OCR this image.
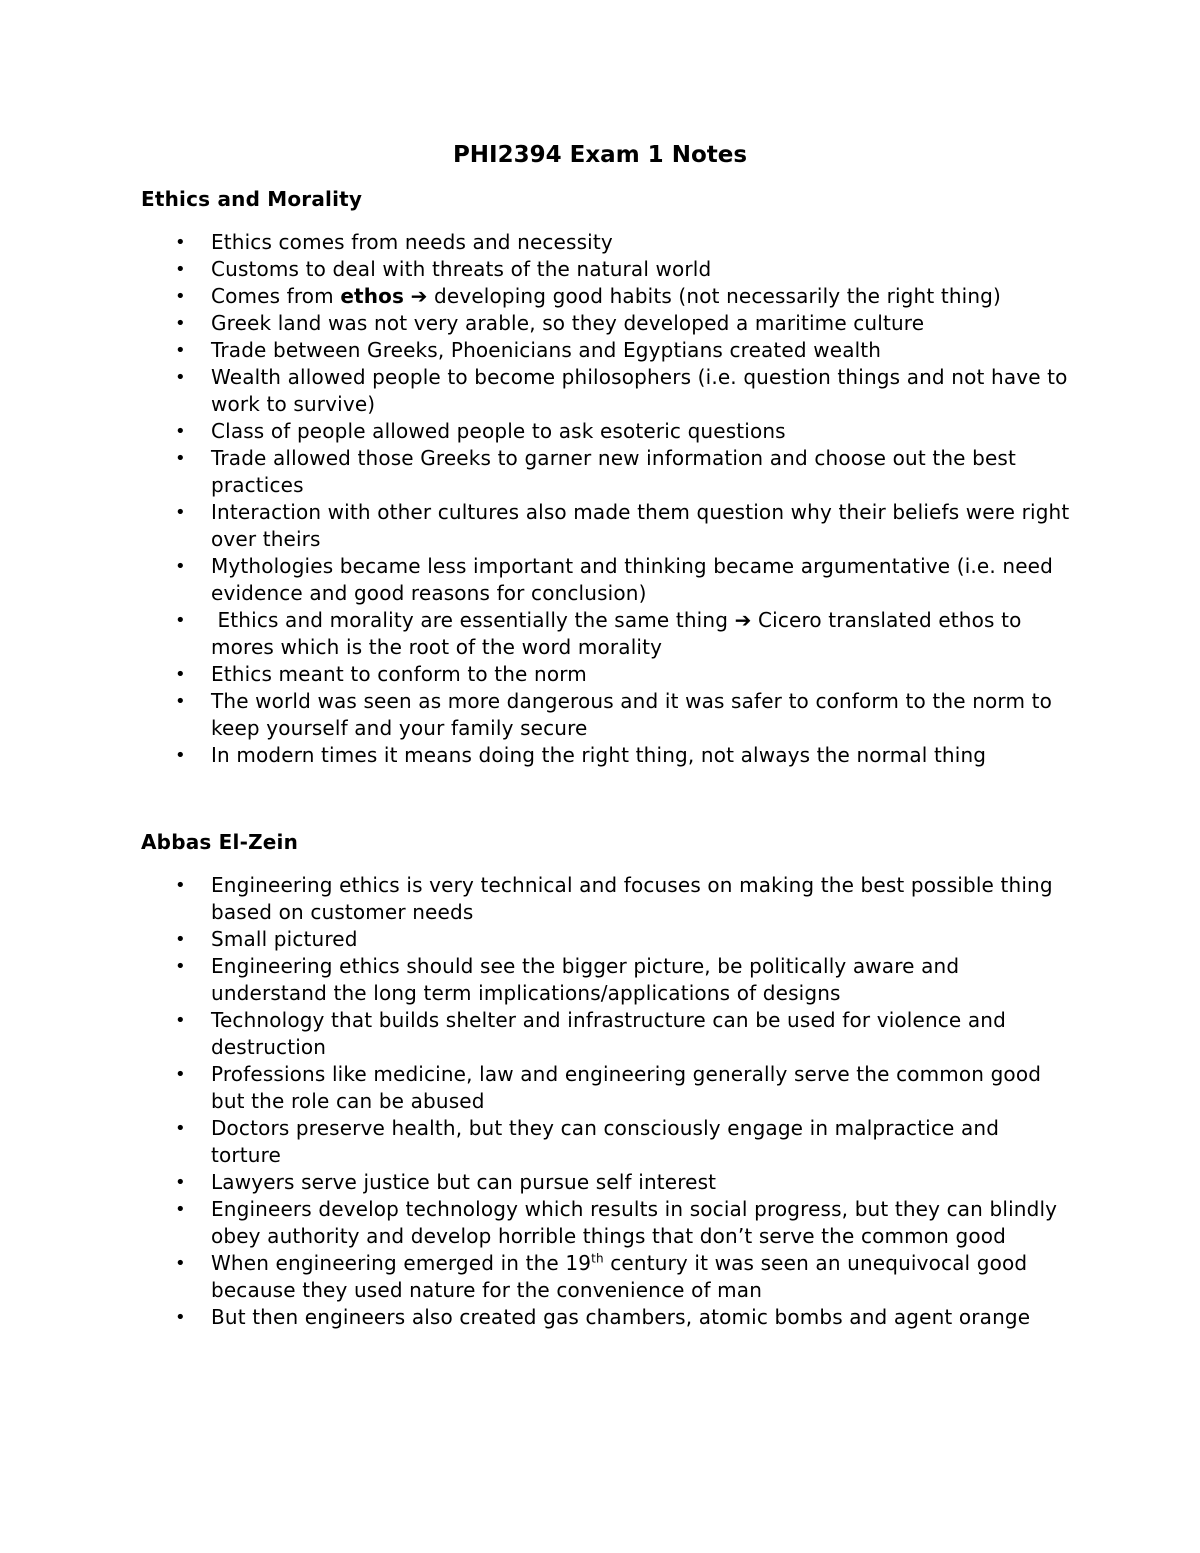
PHI2394 Exam 1 Notes
Ethics and Morality
• Ethics comes from needs and necessity
• Customs to deal with threats of the natural world
• Comes from ethos ➔ developing good habits (not necessarily the right thing)
• Greek land was not very arable, so they developed a maritime culture
• Trade between Greeks, Phoenicians and Egyptians created wealth
• Wealth allowed people to become philosophers (i.e. question things and not have to work to survive)
• Class of people allowed people to ask esoteric questions
• Trade allowed those Greeks to garner new information and choose out the best practices
• Interaction with other cultures also made them question why their beliefs were right over theirs
• Mythologies became less important and thinking became argumentative (i.e. need evidence and good reasons for conclusion)
• Ethics and morality are essentially the same thing ➔ Cicero translated ethos to mores which is the root of the word morality
• Ethics meant to conform to the norm
• The world was seen as more dangerous and it was safer to conform to the norm to keep yourself and your family secure
• In modern times it means doing the right thing, not always the normal thing
Abbas El-Zein
• Engineering ethics is very technical and focuses on making the best possible thing based on customer needs
• Small pictured
• Engineering ethics should see the bigger picture, be politically aware and understand the long term implications/applications of designs
• Technology that builds shelter and infrastructure can be used for violence and destruction
• Professions like medicine, law and engineering generally serve the common good but the role can be abused
• Doctors preserve health, but they can consciously engage in malpractice and torture
• Lawyers serve justice but can pursue self interest
• Engineers develop technology which results in social progress, but they can blindly obey authority and develop horrible things that don’t serve the common good
• When engineering emerged in the 19th century it was seen an unequivocal good because they used nature for the convenience of man
• But then engineers also created gas chambers, atomic bombs and agent orange
